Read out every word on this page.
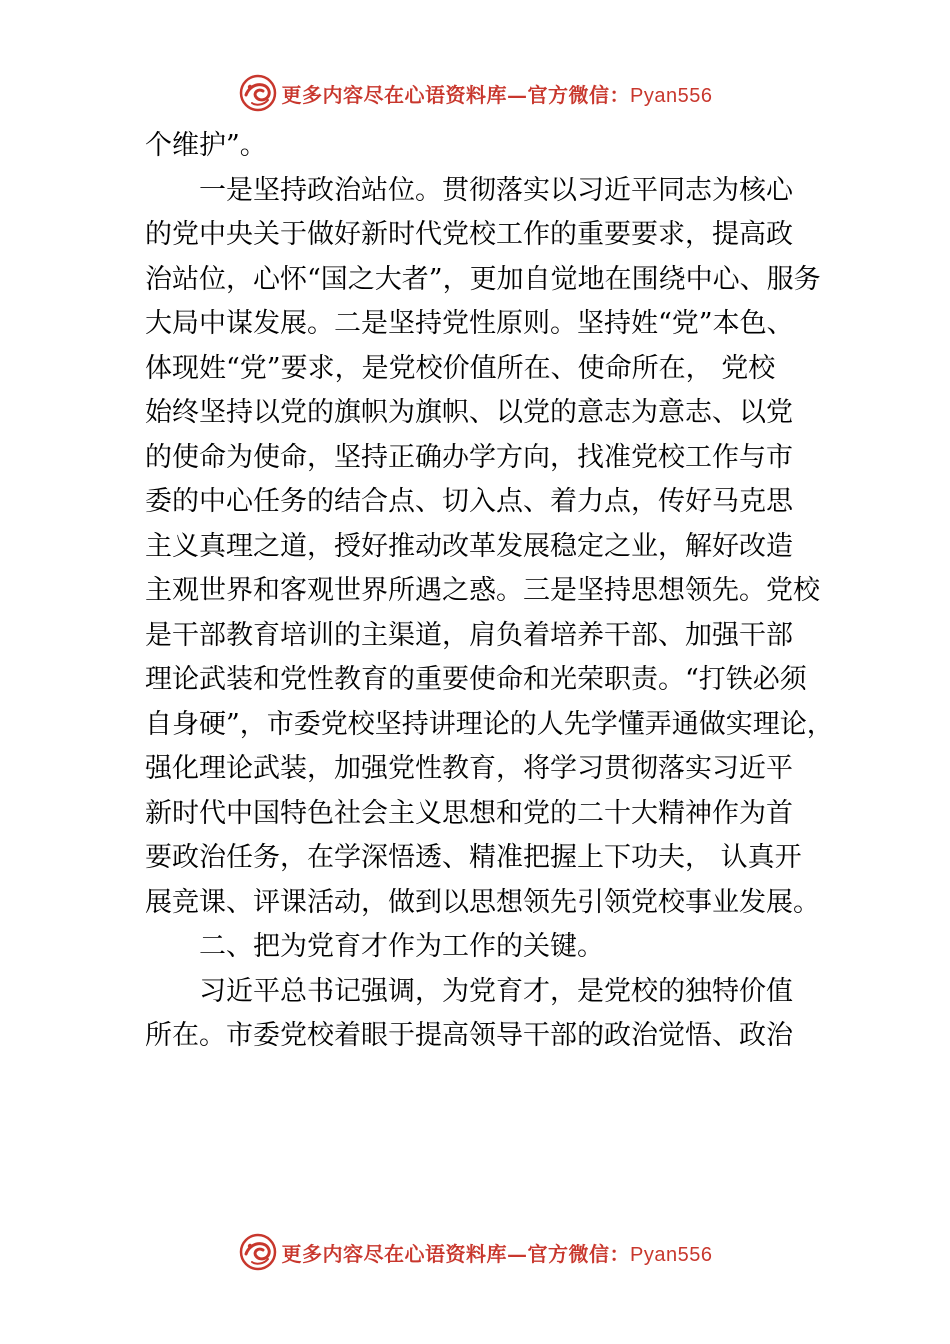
更多内容尽在心语资料库—官方微信：Pyan556
个维护”。
一是坚持政治站位。贯彻落实以习近平同志为核心
的党中央关于做好新时代党校工作的重要要求，提高政
治站位，心怀“国之大者”，更加自觉地在围绕中心、服务
大局中谋发展。二是坚持党性原则。坚持姓“党”本色、
体现姓“党”要求，是党校价值所在、使命所在， 党校
始终坚持以党的旗帜为旗帜、以党的意志为意志、以党
的使命为使命，坚持正确办学方向，找准党校工作与市
委的中心任务的结合点、切入点、着力点，传好马克思
主义真理之道，授好推动改革发展稳定之业，解好改造
主观世界和客观世界所遇之惑。三是坚持思想领先。党校
是干部教育培训的主渠道，肩负着培养干部、加强干部
理论武装和党性教育的重要使命和光荣职责。“打铁必须
自身硬”，市委党校坚持讲理论的人先学懂弄通做实理论，
强化理论武装，加强党性教育，将学习贯彻落实习近平
新时代中国特色社会主义思想和党的二十大精神作为首
要政治任务，在学深悟透、精准把握上下功夫， 认真开
展竞课、评课活动，做到以思想领先引领党校事业发展。
二、把为党育才作为工作的关键。
习近平总书记强调，为党育才，是党校的独特价值
所在。市委党校着眼于提高领导干部的政治觉悟、政治
更多内容尽在心语资料库—官方微信：Pyan556
